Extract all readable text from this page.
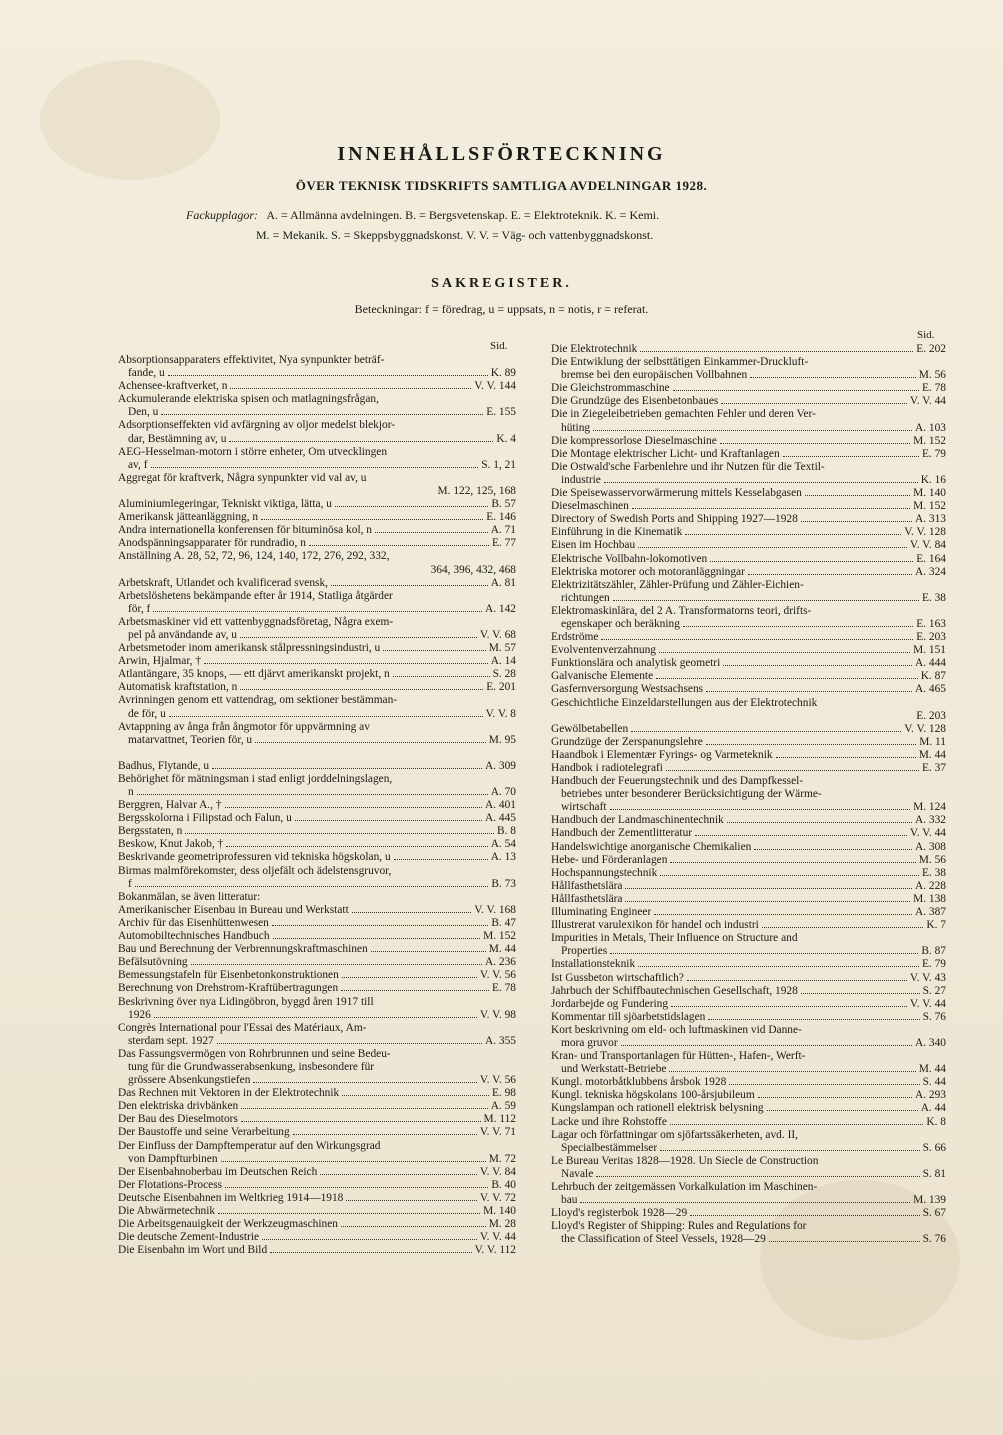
INNEHÅLLSFÖRTECKNING
ÖVER TEKNISK TIDSKRIFTS SAMTLIGA AVDELNINGAR 1928.
Fackupplagor: A. = Allmänna avdelningen. B. = Bergsvetenskap. E. = Elektroteknik. K. = Kemi.
M. = Mekanik. S. = Skeppsbyggnadskonst. V. V. = Väg- och vattenbyggnadskonst.
SAKREGISTER.
Beteckningar: f = föredrag, u = uppsats, n = notis, r = referat.
Sid.
Sid.
Absorptionsapparaters effektivitet, Nya synpunkter beträf-
fande, u	K. 89
Achensee-kraftverket, n	V. V. 144
Ackumulerande elektriska spisen och matlagningsfrågan,
Den, u	E. 155
Adsorptionseffekten vid avfärgning av oljor medelst blekjor-
dar, Bestämning av, u	K. 4
AEG-Hesselman-motorn i större enheter, Om utvecklingen
av, f	S. 1, 21
Aggregat för kraftverk, Några synpunkter vid val av, u
M. 122, 125, 168
Aluminiumlegeringar, Tekniskt viktiga, lätta, u	B. 57
Amerikansk jätteanläggning, n	E. 146
Andra internationella konferensen för bituminösa kol, n	A. 71
Anodspänningsapparater för rundradio, n	E. 77
Anställning A. 28, 52, 72, 96, 124, 140, 172, 276, 292, 332,
364, 396, 432, 468
Arbetskraft, Utlandet och kvalificerad svensk,	A. 81
Arbetslöshetens bekämpande efter år 1914, Statliga åtgärder
för, f	A. 142
Arbetsmaskiner vid ett vattenbyggnadsföretag, Några exem-
pel på användande av, u	V. V. 68
Arbetsmetoder inom amerikansk stålpressningsindustri, u	M. 57
Arwin, Hjalmar, †	A. 14
Atlantängare, 35 knops, — ett djärvt amerikanskt projekt, n	S. 28
Automatisk kraftstation, n	E. 201
Avrinningen genom ett vattendrag, om sektioner bestämman-
de för, u	V. V. 8
Avtappning av ånga från ångmotor för uppvärmning av
matarvattnet, Teorien för, u	M. 95
Badhus, Flytande, u	A. 309
Behörighet för mätningsman i stad enligt jorddelningslagen,
n	A. 70
Berggren, Halvar A., †	A. 401
Bergsskolorna i Filipstad och Falun, u	A. 445
Bergsstaten, n	B. 8
Beskow, Knut Jakob, †	A. 54
Beskrivande geometriprofessuren vid tekniska högskolan, u	A. 13
Birmas malmförekomster, dess oljefält och ädelstensgruvor,
f	B. 73
Bokanmälan, se även litteratur:
Amerikanischer Eisenbau in Bureau und Werkstatt	V. V. 168
Archiv für das Eisenhüttenwesen	B. 47
Automobiltechnisches Handbuch	M. 152
Bau und Berechnung der Verbrennungskraftmaschinen	M. 44
Befälsutövning	A. 236
Bemessungstafeln für Eisenbetonkonstruktionen	V. V. 56
Berechnung von Drehstrom-Kraftübertragungen	E. 78
Beskrivning över nya Lidingöbron, byggd åren 1917 till
1926	V. V. 98
Congrès International pour l'Essai des Matériaux, Am-
sterdam sept. 1927	A. 355
Das Fassungsvermögen von Rohrbrunnen und seine Bedeu-
tung für die Grundwasserabsenkung, insbesondere für
grössere Absenkungstiefen	V. V. 56
Das Rechnen mit Vektoren in der Elektrotechnik	E. 98
Den elektriska drivbänken	A. 59
Der Bau des Dieselmotors	M. 112
Der Baustoffe und seine Verarbeitung	V. V. 71
Der Einfluss der Dampftemperatur auf den Wirkungsgrad
von Dampfturbinen	M. 72
Der Eisenbahnoberbau im Deutschen Reich	V. V. 84
Der Flotations-Process	B. 40
Deutsche Eisenbahnen im Weltkrieg 1914—1918	V. V. 72
Die Abwärmetechnik	M. 140
Die Arbeitsgenauigkeit der Werkzeugmaschinen	M. 28
Die deutsche Zement-Industrie	V. V. 44
Die Eisenbahn im Wort und Bild	V. V. 112
Die Elektrotechnik	E. 202
Die Entwiklung der selbsttätigen Einkammer-Druckluft-
bremse bei den europäischen Vollbahnen	M. 56
Die Gleichstrommaschine	E. 78
Die Grundzüge des Eisenbetonbaues	V. V. 44
Die in Ziegeleibetrieben gemachten Fehler und deren Ver-
hüting	A. 103
Die kompressorlose Dieselmaschine	M. 152
Die Montage elektrischer Licht- und Kraftanlagen	E. 79
Die Ostwald'sche Farbenlehre und ihr Nutzen für die Textil-
industrie	K. 16
Die Speisewasservorwärmerung mittels Kesselabgasen	M. 140
Dieselmaschinen	M. 152
Directory of Swedish Ports and Shipping 1927—1928	A. 313
Einführung in die Kinematik	V. V. 128
Eisen im Hochbau	V. V. 84
Elektrische Vollbahn-lokomotiven	E. 164
Elektriska motorer och motoranläggningar	A. 324
Elektrizitätszähler, Zähler-Prüfung und Zähler-Eichien-
richtungen	E. 38
Elektromaskinlära, del 2 A. Transformatorns teori, drifts-
egenskaper och beräkning	E. 163
Erdströme	E. 203
Evolventenverzahnung	M. 151
Funktionslära och analytisk geometri	A. 444
Galvanische Elemente	K. 87
Gasfernversorgung Westsachsens	A. 465
Geschichtliche Einzeldarstellungen aus der Elektrotechnik
E. 203
Gewölbetabellen	V. V. 128
Grundzüge der Zerspanungslehre	M. 11
Haandbok i Elementær Fyrings- og Varmeteknik	M. 44
Handbok i radiotelegrafi	E. 37
Handbuch der Feuerungstechnik und des Dampfkessel-
betriebes unter besonderer Berücksichtigung der Wärme-
wirtschaft	M. 124
Handbuch der Landmaschinentechnik	A. 332
Handbuch der Zementlitteratur	V. V. 44
Handelswichtige anorganische Chemikalien	A. 308
Hebe- und Förderanlagen	M. 56
Hochspannungstechnik	E. 38
Hållfasthetslära	A. 228
Hållfasthetslära	M. 138
Illuminating Engineer	A. 387
Illustrerat varulexikon för handel och industri	K. 7
Impurities in Metals, Their Influence on Structure and
Properties	B. 87
Installationsteknik	E. 79
Ist Gussbeton wirtschaftlich?	V. V. 43
Jahrbuch der Schiffbautechnischen Gesellschaft, 1928	S. 27
Jordarbejde og Fundering	V. V. 44
Kommentar till sjöarbetstidslagen	S. 76
Kort beskrivning om eld- och luftmaskinen vid Danne-
mora gruvor	A. 340
Kran- und Transportanlagen für Hütten-, Hafen-, Werft-
und Werkstatt-Betriebe	M. 44
Kungl. motorbåtklubbens årsbok 1928	S. 44
Kungl. tekniska högskolans 100-årsjubileum	A. 293
Kungslampan och rationell elektrisk belysning	A. 44
Lacke und ihre Rohstoffe	K. 8
Lagar och författningar om sjöfartssäkerheten, avd. II,
Specialbestämmelser	S. 66
Le Bureau Veritas 1828—1928. Un Siecle de Construction
Navale	S. 81
Lehrbuch der zeitgemässen Vorkalkulation im Maschinen-
bau	M. 139
Lloyd's registerbok 1928—29	S. 67
Lloyd's Register of Shipping: Rules and Regulations for
the Classification of Steel Vessels, 1928—29	S. 76
